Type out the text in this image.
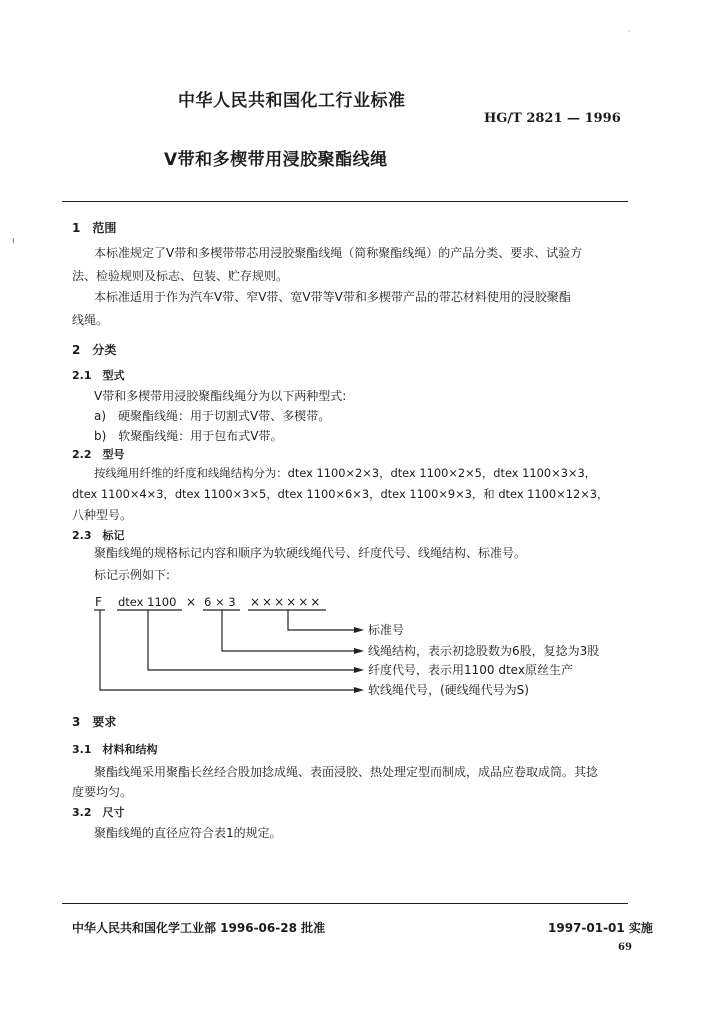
·
ı
中华人民共和国化工行业标准
HG/T 2821 — 1996
V带和多楔带用浸胶聚酯线绳
1　范围
本标准规定了V带和多楔带带芯用浸胶聚酯线绳（简称聚酯线绳）的产品分类、要求、试验方
法、检验规则及标志、包装、贮存规则。
本标准适用于作为汽车V带、窄V带、宽V带等V带和多楔带产品的带芯材料使用的浸胶聚酯
线绳。
2　分类
2.1　型式
V带和多楔带用浸胶聚酯线绳分为以下两种型式:
a)　硬聚酯线绳：用于切割式V带、多楔带。
b)　软聚酯线绳：用于包布式V带。
2.2　型号
按线绳用纤维的纤度和线绳结构分为：dtex 1100×2×3，dtex 1100×2×5，dtex 1100×3×3，
dtex 1100×4×3，dtex 1100×3×5，dtex 1100×6×3，dtex 1100×9×3，和 dtex 1100×12×3，
八种型号。
2.3　标记
聚酯线绳的规格标记内容和顺序为软硬线绳代号、纤度代号、线绳结构、标准号。
标记示例如下:
F dtex 1100 × 6 × 3 ××××××
标准号
线绳结构，表示初捻股数为6股，复捻为3股
纤度代号，表示用1100 dtex原丝生产
软线绳代号，(硬线绳代号为S)
3　要求
3.1　材料和结构
聚酯线绳采用聚酯长丝经合股加捻成绳、表面浸胶、热处理定型而制成，成品应卷取成筒。其捻
度要均匀。
3.2　尺寸
聚酯线绳的直径应符合表1的规定。
中华人民共和国化学工业部 1996-06-28 批准	1997-01-01 实施
69
